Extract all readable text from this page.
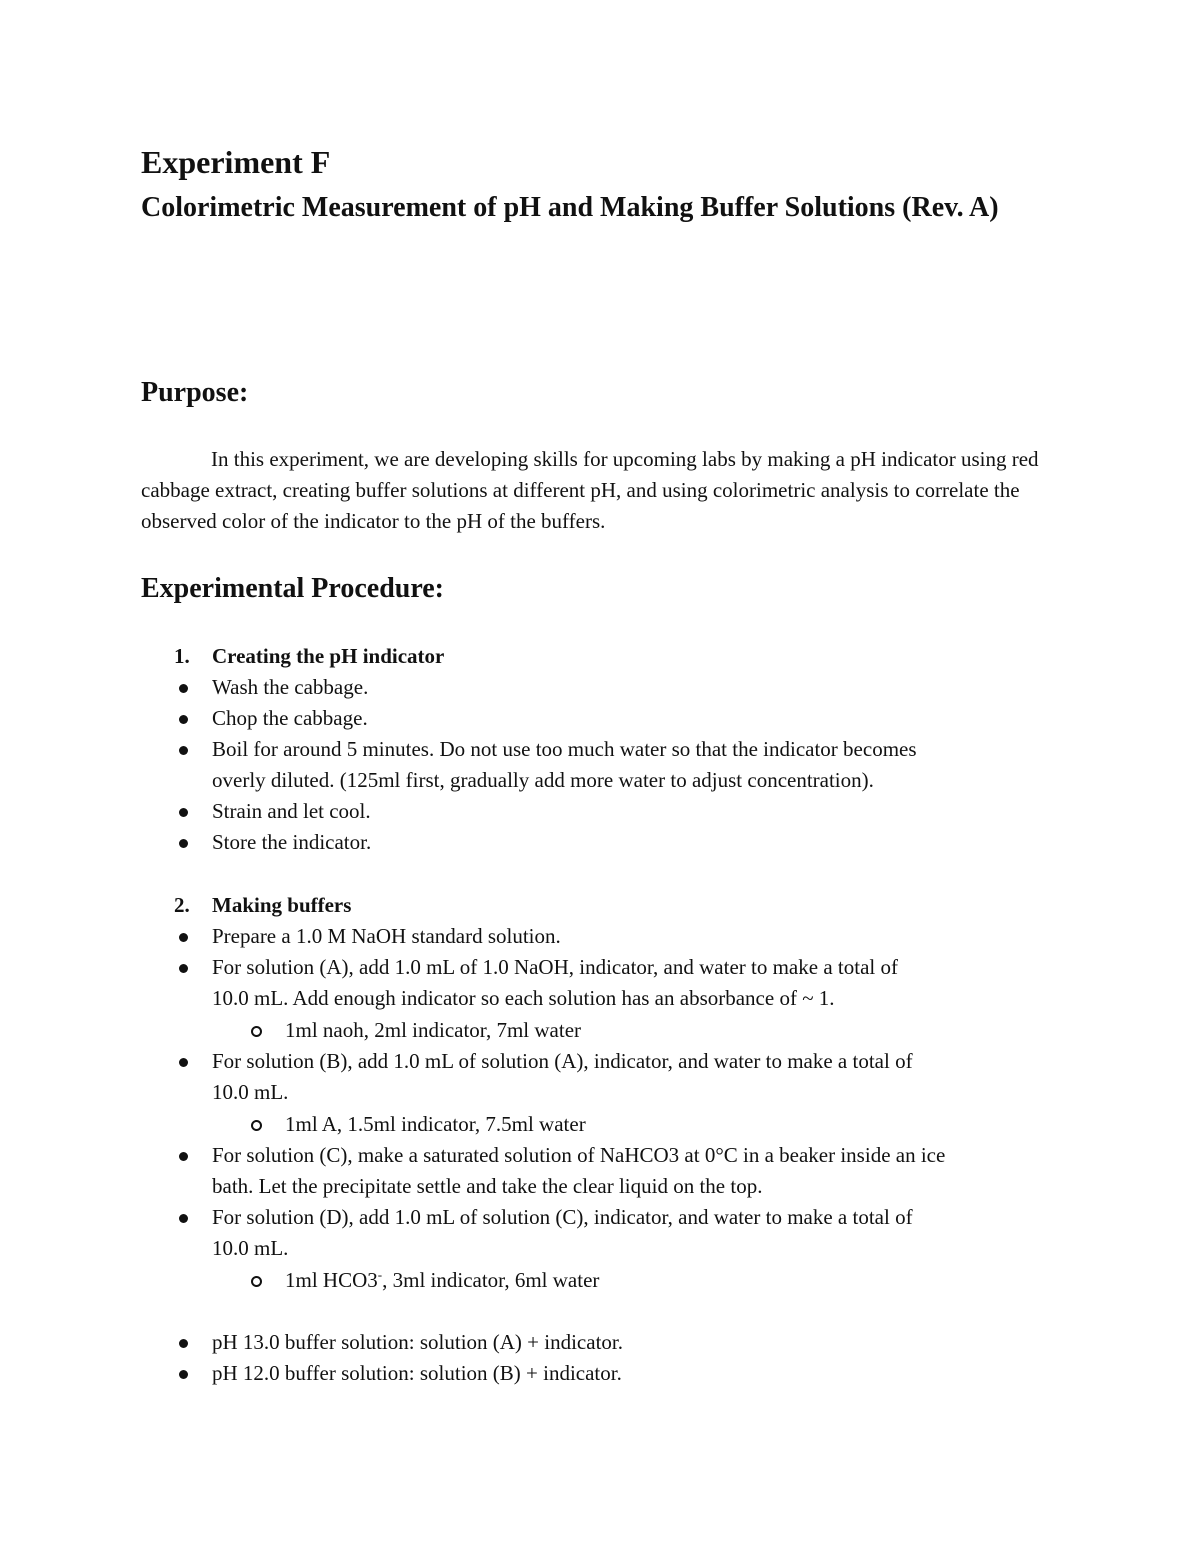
Experiment F
Colorimetric Measurement of pH and Making Buffer Solutions (Rev. A)
Purpose:

In this experiment, we are developing skills for upcoming labs by making a pH indicator using red cabbage extract, creating buffer solutions at different pH, and using colorimetric analysis to correlate the observed color of the indicator to the pH of the buffers.

Experimental Procedure:
1. Creating the pH indicator
Wash the cabbage.
Chop the cabbage.
Boil for around 5 minutes. Do not use too much water so that the indicator becomes
overly diluted. (125ml first, gradually add more water to adjust concentration).
Strain and let cool.
Store the indicator.
2. Making buffers
Prepare a 1.0 M NaOH standard solution.
For solution (A), add 1.0 mL of 1.0 NaOH, indicator, and water to make a total of
10.0 mL. Add enough indicator so each solution has an absorbance of ~ 1.
1ml naoh, 2ml indicator, 7ml water
For solution (B), add 1.0 mL of solution (A), indicator, and water to make a total of
10.0 mL.
1ml A, 1.5ml indicator, 7.5ml water
For solution (C), make a saturated solution of NaHCO3 at 0°C in a beaker inside an ice
bath. Let the precipitate settle and take the clear liquid on the top.
For solution (D), add 1.0 mL of solution (C), indicator, and water to make a total of
10.0 mL.
1ml HCO3-, 3ml indicator, 6ml water
pH 13.0 buffer solution: solution (A) + indicator.
pH 12.0 buffer solution: solution (B) + indicator.
